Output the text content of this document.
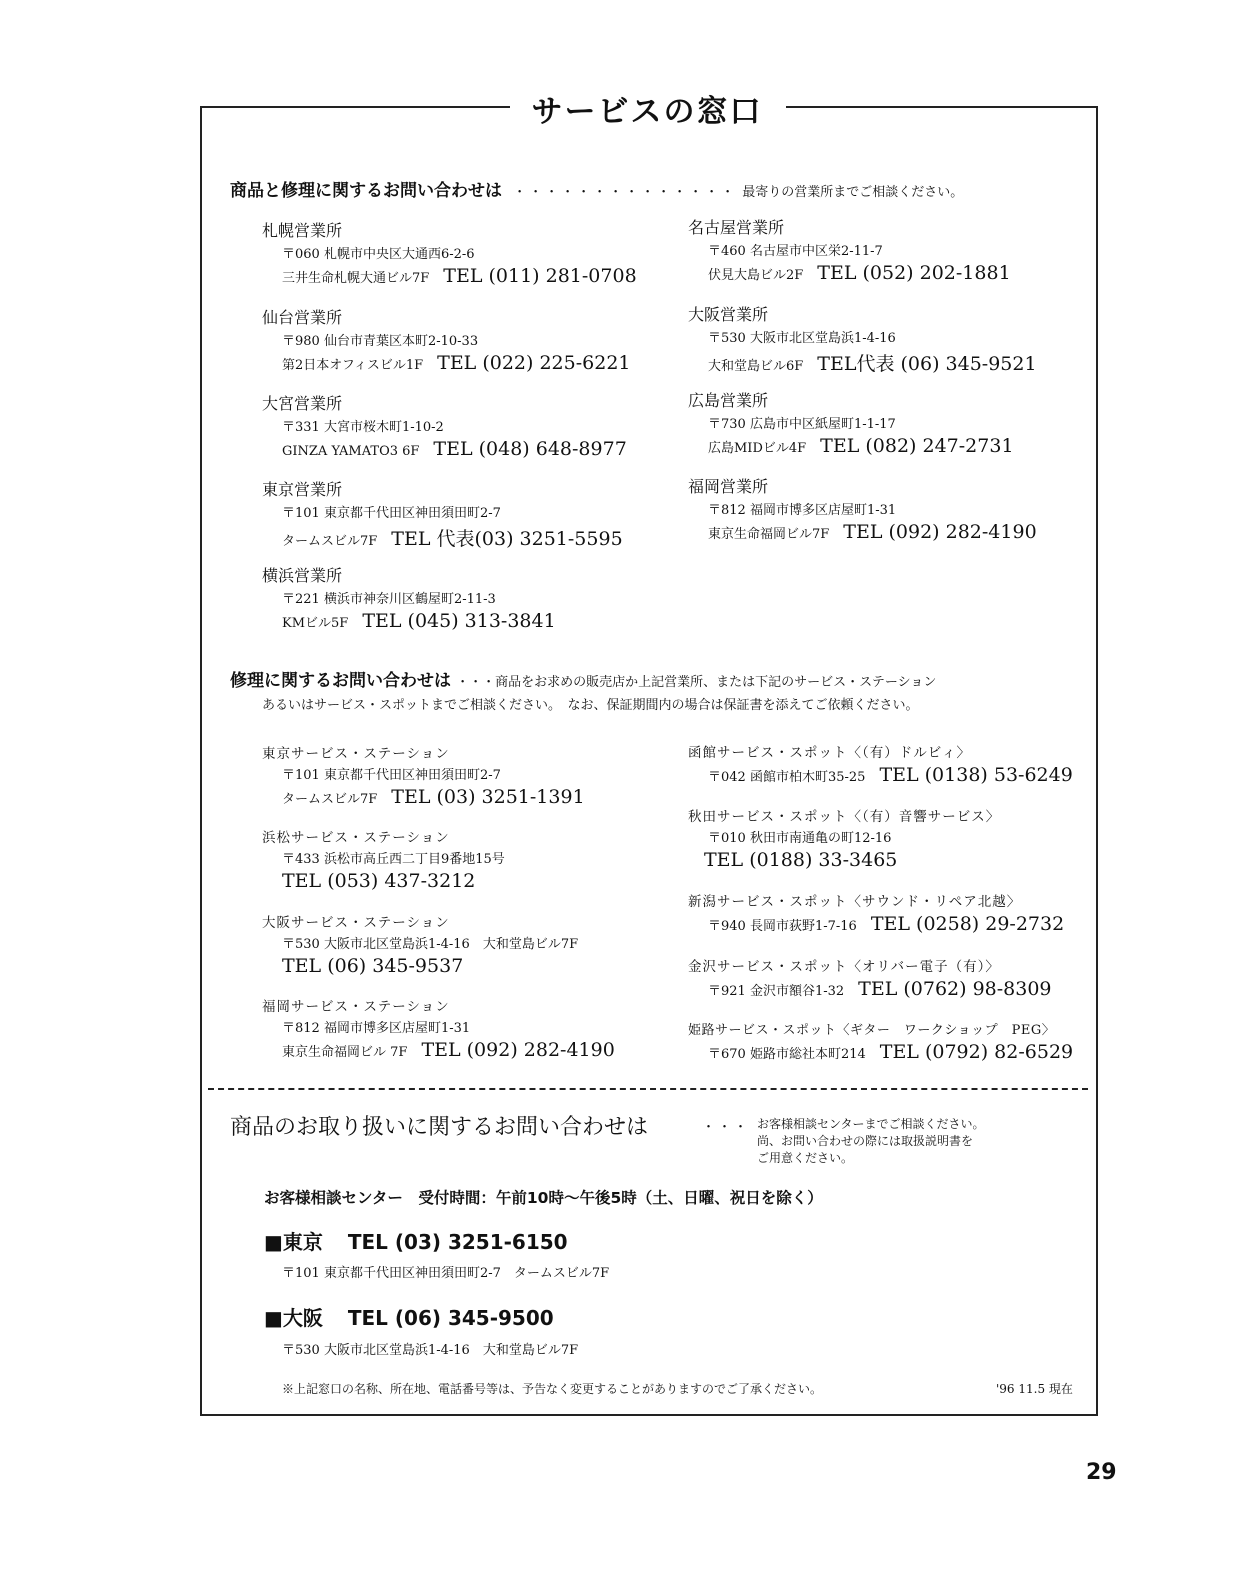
サービスの窓口
商品と修理に関するお問い合わせは ・・・・・・・・・・・・・・ 最寄りの営業所までご相談ください。
札幌営業所
〒060 札幌市中央区大通西6-2-6
三井生命札幌大通ビル7F TEL (011) 281-0708
仙台営業所
〒980 仙台市青葉区本町2-10-33
第2日本オフィスビル1F TEL (022) 225-6221
大宮営業所
〒331 大宮市桜木町1-10-2
GINZA YAMATO3 6F TEL (048) 648-8977
東京営業所
〒101 東京都千代田区神田須田町2-7
タームスビル7F TEL 代表(03) 3251-5595
横浜営業所
〒221 横浜市神奈川区鶴屋町2-11-3
KMビル5F TEL (045) 313-3841
名古屋営業所
〒460 名古屋市中区栄2-11-7
伏見大島ビル2F TEL (052) 202-1881
大阪営業所
〒530 大阪市北区堂島浜1-4-16
大和堂島ビル6F TEL代表 (06) 345-9521
広島営業所
〒730 広島市中区紙屋町1-1-17
広島MIDビル4F TEL (082) 247-2731
福岡営業所
〒812 福岡市博多区店屋町1-31
東京生命福岡ビル7F TEL (092) 282-4190
修理に関するお問い合わせは ・・・商品をお求めの販売店か上記営業所、または下記のサービス・ステーション
あるいはサービス・スポットまでご相談ください。　なお、保証期間内の場合は保証書を添えてご依頼ください。
東京サービス・ステーション
〒101 東京都千代田区神田須田町2-7
タームスビル7F TEL (03) 3251-1391
浜松サービス・ステーション
〒433 浜松市高丘西二丁目9番地15号
TEL (053) 437-3212
大阪サービス・ステーション
〒530 大阪市北区堂島浜1-4-16　大和堂島ビル7F
TEL (06) 345-9537
福岡サービス・ステーション
〒812 福岡市博多区店屋町1-31
東京生命福岡ビル 7F TEL (092) 282-4190
函館サービス・スポット〈（有）ドルビィ〉
〒042 函館市柏木町35-25 TEL (0138) 53-6249
秋田サービス・スポット〈（有）音響サービス〉
〒010 秋田市南通亀の町12-16
TEL (0188) 33-3465
新潟サービス・スポット〈サウンド・リペア北越〉
〒940 長岡市荻野1-7-16 TEL (0258) 29-2732
金沢サービス・スポット〈オリバー電子（有）〉
〒921 金沢市額谷1-32 TEL (0762) 98-8309
姫路サービス・スポット〈ギター　ワークショップ　PEG〉
〒670 姫路市総社本町214 TEL (0792) 82-6529
商品のお取り扱いに関するお問い合わせは	・・・ お客様相談センターまでご相談ください。
尚、お問い合わせの際には取扱説明書を
ご用意ください。
お客様相談センター　受付時間：午前10時〜午後5時（土、日曜、祝日を除く）
■東京 TEL (03) 3251-6150
〒101 東京都千代田区神田須田町2-7　タームスビル7F
■大阪 TEL (06) 345-9500
〒530 大阪市北区堂島浜1-4-16　大和堂島ビル7F
※上記窓口の名称、所在地、電話番号等は、予告なく変更することがありますのでご了承ください。	'96 11.5 現在
29
